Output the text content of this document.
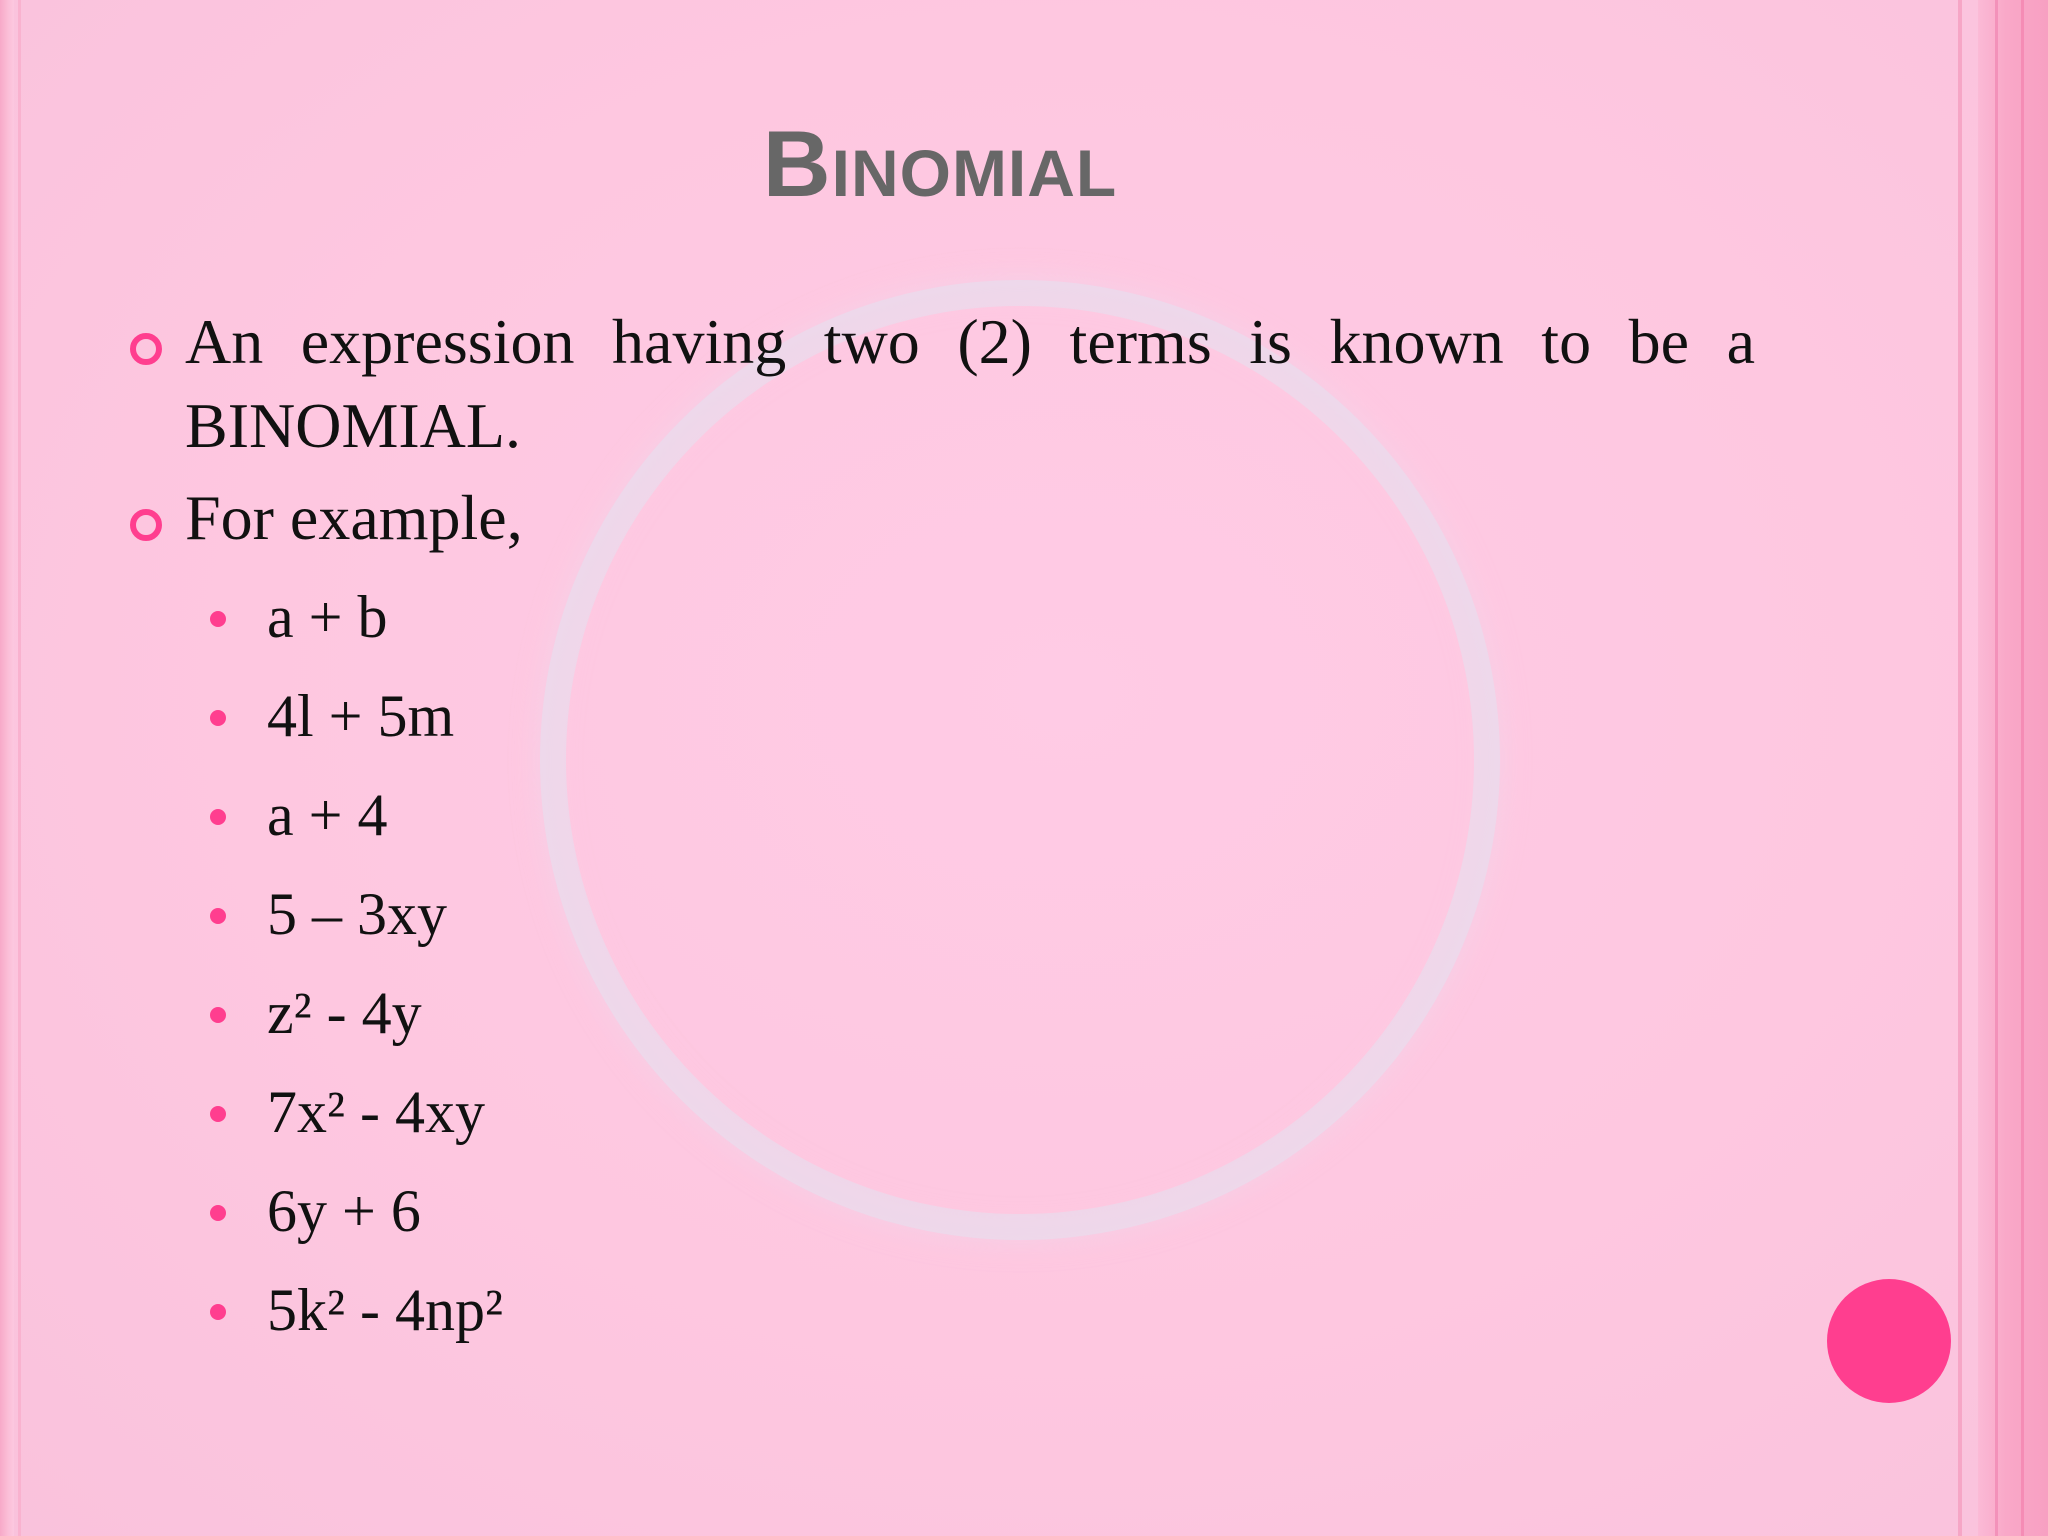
Binomial
An expression having two (2) terms is known to be a BINOMIAL.
For example,
a + b
4l + 5m
a + 4
5 – 3xy
z² - 4y
7x² - 4xy
6y + 6
5k² - 4np²
